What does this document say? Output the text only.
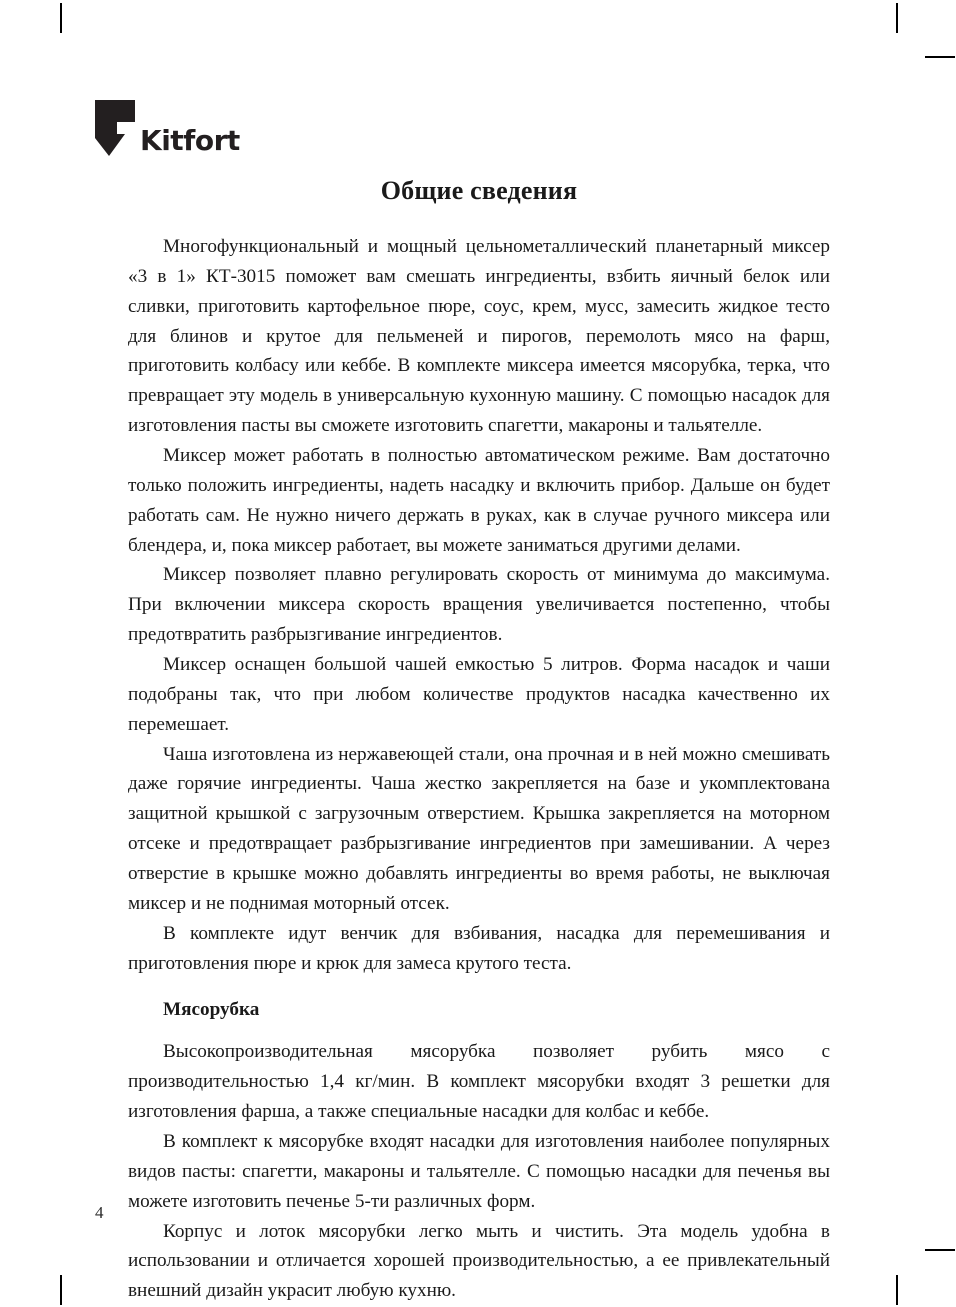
Kitfort
Общие сведения

Многофункциональный и мощный цельнометаллический планетарный миксер «3 в 1» КТ-3015 поможет вам смешать ингредиенты, взбить яичный белок или сливки, приготовить картофельное пюре, соус, крем, мусс, замесить жидкое тесто для блинов и крутое для пельменей и пирогов, перемолоть мясо на фарш, приготовить колбасу или кеббе. В комплекте миксера имеется мясорубка, терка, что превращает эту модель в универсальную кухонную машину. С помощью насадок для изготовления пасты вы сможете изготовить спагетти, макароны и тальятелле.

Миксер может работать в полностью автоматическом режиме. Вам достаточно только положить ингредиенты, надеть насадку и включить прибор. Дальше он будет работать сам. Не нужно ничего держать в руках, как в случае ручного миксера или блендера, и, пока миксер работает, вы можете заниматься другими делами.

Миксер позволяет плавно регулировать скорость от минимума до максимума. При включении миксера скорость вращения увеличивается постепенно, чтобы предотвратить разбрызгивание ингредиентов.

Миксер оснащен большой чашей емкостью 5 литров. Форма насадок и чаши подобраны так, что при любом количестве продуктов насадка качественно их перемешает.

Чаша изготовлена из нержавеющей стали, она прочная и в ней можно смешивать даже горячие ингредиенты. Чаша жестко закрепляется на базе и укомплектована защитной крышкой с загрузочным отверстием. Крышка закрепляется на моторном отсеке и предотвращает разбрызгивание ингредиентов при замешивании. А через отверстие в крышке можно добавлять ингредиенты во время работы, не выключая миксер и не поднимая моторный отсек.

В комплекте идут венчик для взбивания, насадка для перемешивания и приготовления пюре и крюк для замеса крутого теста.

Мясорубка

Высокопроизводительная мясорубка позволяет рубить мясо с производительностью 1,4 кг/мин. В комплект мясорубки входят 3 решетки для изготовления фарша, а также специальные насадки для колбас и кеббе.

В комплект к мясорубке входят насадки для изготовления наиболее популярных видов пасты: спагетти, макароны и тальятелле. С помощью насадки для печенья вы можете изготовить печенье 5-ти различных форм.

Корпус и лоток мясорубки легко мыть и чистить. Эта модель удобна в использовании и отличается хорошей производительностью, а ее привлекательный внешний дизайн украсит любую кухню.

4
